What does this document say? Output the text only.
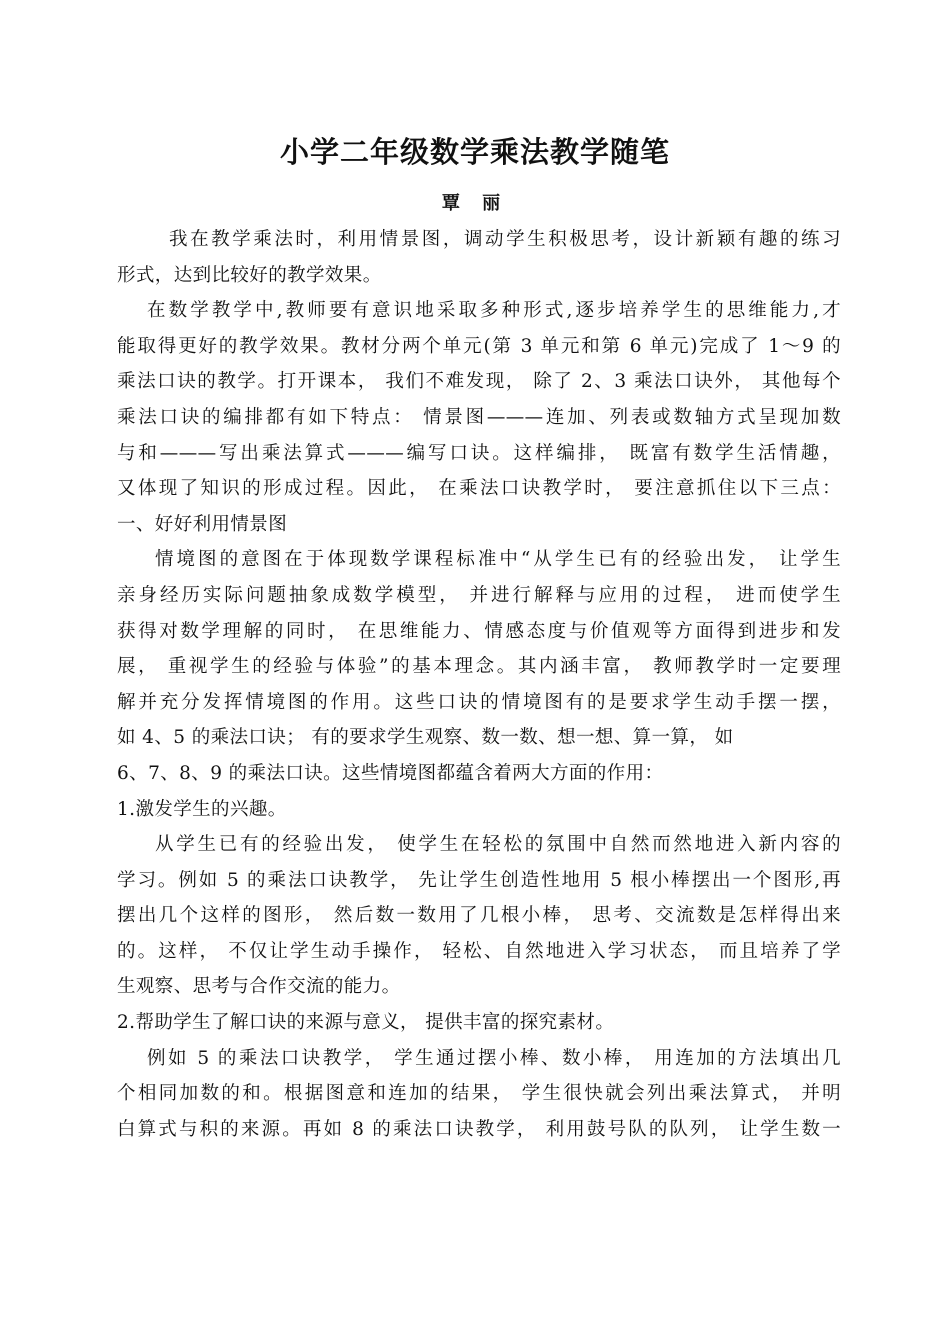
小学二年级数学乘法教学随笔
覃 丽
我在教学乘法时，利用情景图，调动学生积极思考，设计新颖有趣的练习
形式，达到比较好的教学效果。
在数学教学中,教师要有意识地采取多种形式,逐步培养学生的思维能力,才
能取得更好的教学效果。教材分两个单元(第 3 单元和第 6 单元)完成了 1～9 的
乘法口诀的教学。打开课本， 我们不难发现， 除了 2、3 乘法口诀外， 其他每个
乘法口诀的编排都有如下特点： 情景图———连加、列表或数轴方式呈现加数
与和———写出乘法算式———编写口诀。这样编排， 既富有数学生活情趣，
又体现了知识的形成过程。因此， 在乘法口诀教学时， 要注意抓住以下三点：
一、好好利用情景图
情境图的意图在于体现数学课程标准中“从学生已有的经验出发， 让学生
亲身经历实际问题抽象成数学模型， 并进行解释与应用的过程， 进而使学生
获得对数学理解的同时， 在思维能力、情感态度与价值观等方面得到进步和发
展， 重视学生的经验与体验”的基本理念。其内涵丰富， 教师教学时一定要理
解并充分发挥情境图的作用。这些口诀的情境图有的是要求学生动手摆一摆，
如 4、5 的乘法口诀； 有的要求学生观察、数一数、想一想、算一算， 如
6、7、8、9 的乘法口诀。这些情境图都蕴含着两大方面的作用：
1.激发学生的兴趣。
从学生已有的经验出发， 使学生在轻松的氛围中自然而然地进入新内容的
学习。例如 5 的乘法口诀教学， 先让学生创造性地用 5 根小棒摆出一个图形,再
摆出几个这样的图形， 然后数一数用了几根小棒， 思考、交流数是怎样得出来
的。这样， 不仅让学生动手操作， 轻松、自然地进入学习状态， 而且培养了学
生观察、思考与合作交流的能力。
2.帮助学生了解口诀的来源与意义， 提供丰富的探究素材。
例如 5 的乘法口诀教学， 学生通过摆小棒、数小棒， 用连加的方法填出几
个相同加数的和。根据图意和连加的结果， 学生很快就会列出乘法算式， 并明
白算式与积的来源。再如 8 的乘法口诀教学， 利用鼓号队的队列， 让学生数一
